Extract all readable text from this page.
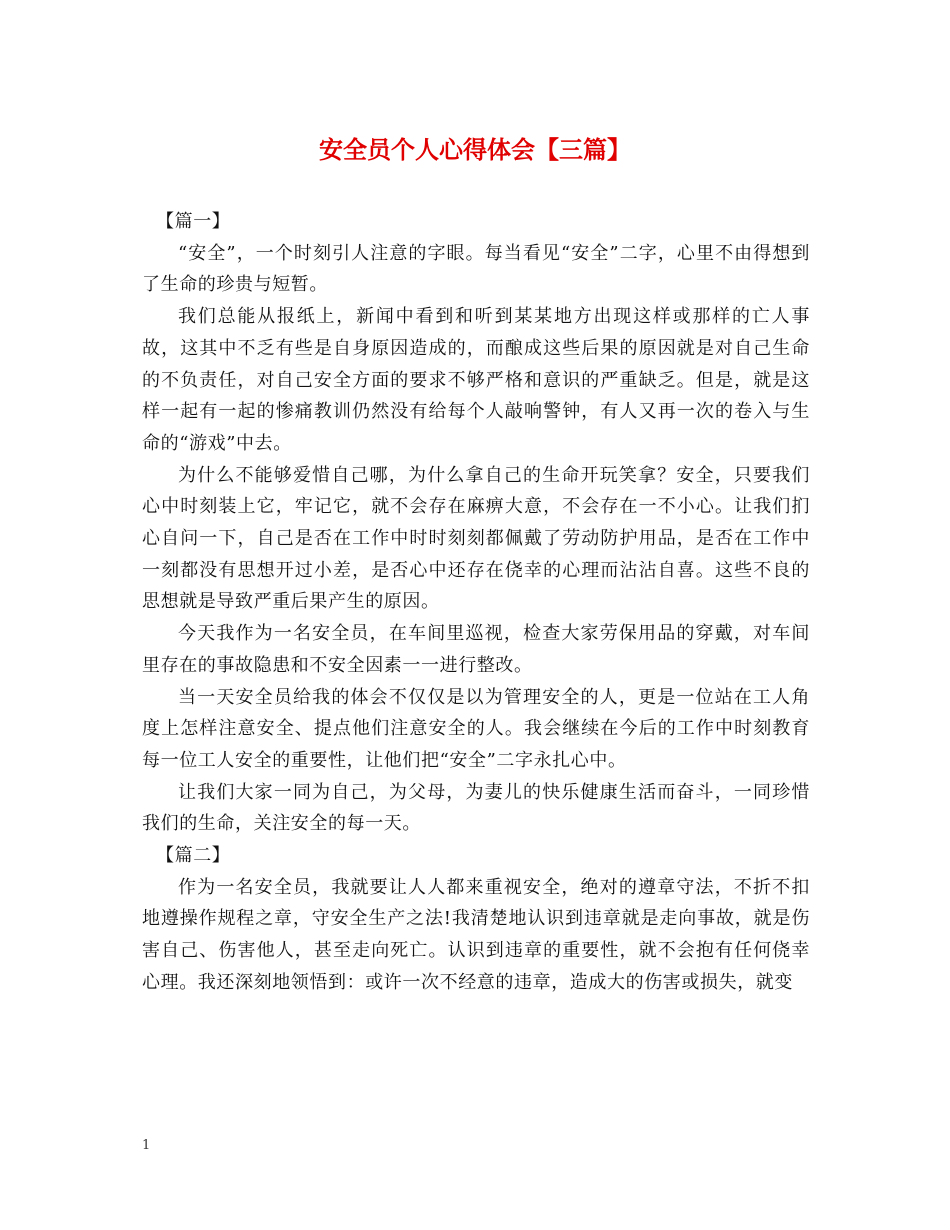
安全员个人心得体会【三篇】

【篇一】

“安全”，一个时刻引人注意的字眼。每当看见“安全”二字，心里不由得想到了生命的珍贵与短暂。

我们总能从报纸上，新闻中看到和听到某某地方出现这样或那样的亡人事故，这其中不乏有些是自身原因造成的，而酿成这些后果的原因就是对自己生命的不负责任，对自己安全方面的要求不够严格和意识的严重缺乏。但是，就是这样一起有一起的惨痛教训仍然没有给每个人敲响警钟，有人又再一次的卷入与生命的“游戏”中去。

为什么不能够爱惜自己哪，为什么拿自己的生命开玩笑拿？安全，只要我们心中时刻装上它，牢记它，就不会存在麻痹大意，不会存在一不小心。让我们扪心自问一下，自己是否在工作中时时刻刻都佩戴了劳动防护用品，是否在工作中一刻都没有思想开过小差，是否心中还存在侥幸的心理而沾沾自喜。这些不良的思想就是导致严重后果产生的原因。

今天我作为一名安全员，在车间里巡视，检查大家劳保用品的穿戴，对车间里存在的事故隐患和不安全因素一一进行整改。

当一天安全员给我的体会不仅仅是以为管理安全的人，更是一位站在工人角度上怎样注意安全、提点他们注意安全的人。我会继续在今后的工作中时刻教育每一位工人安全的重要性，让他们把“安全”二字永扎心中。

让我们大家一同为自己，为父母，为妻儿的快乐健康生活而奋斗，一同珍惜我们的生命，关注安全的每一天。

【篇二】

作为一名安全员，我就要让人人都来重视安全，绝对的遵章守法，不折不扣地遵操作规程之章，守安全生产之法!我清楚地认识到违章就是走向事故，就是伤害自己、伤害他人，甚至走向死亡。认识到违章的重要性，就不会抱有任何侥幸心理。我还深刻地领悟到：或许一次不经意的违章，造成大的伤害或损失，就变

1
